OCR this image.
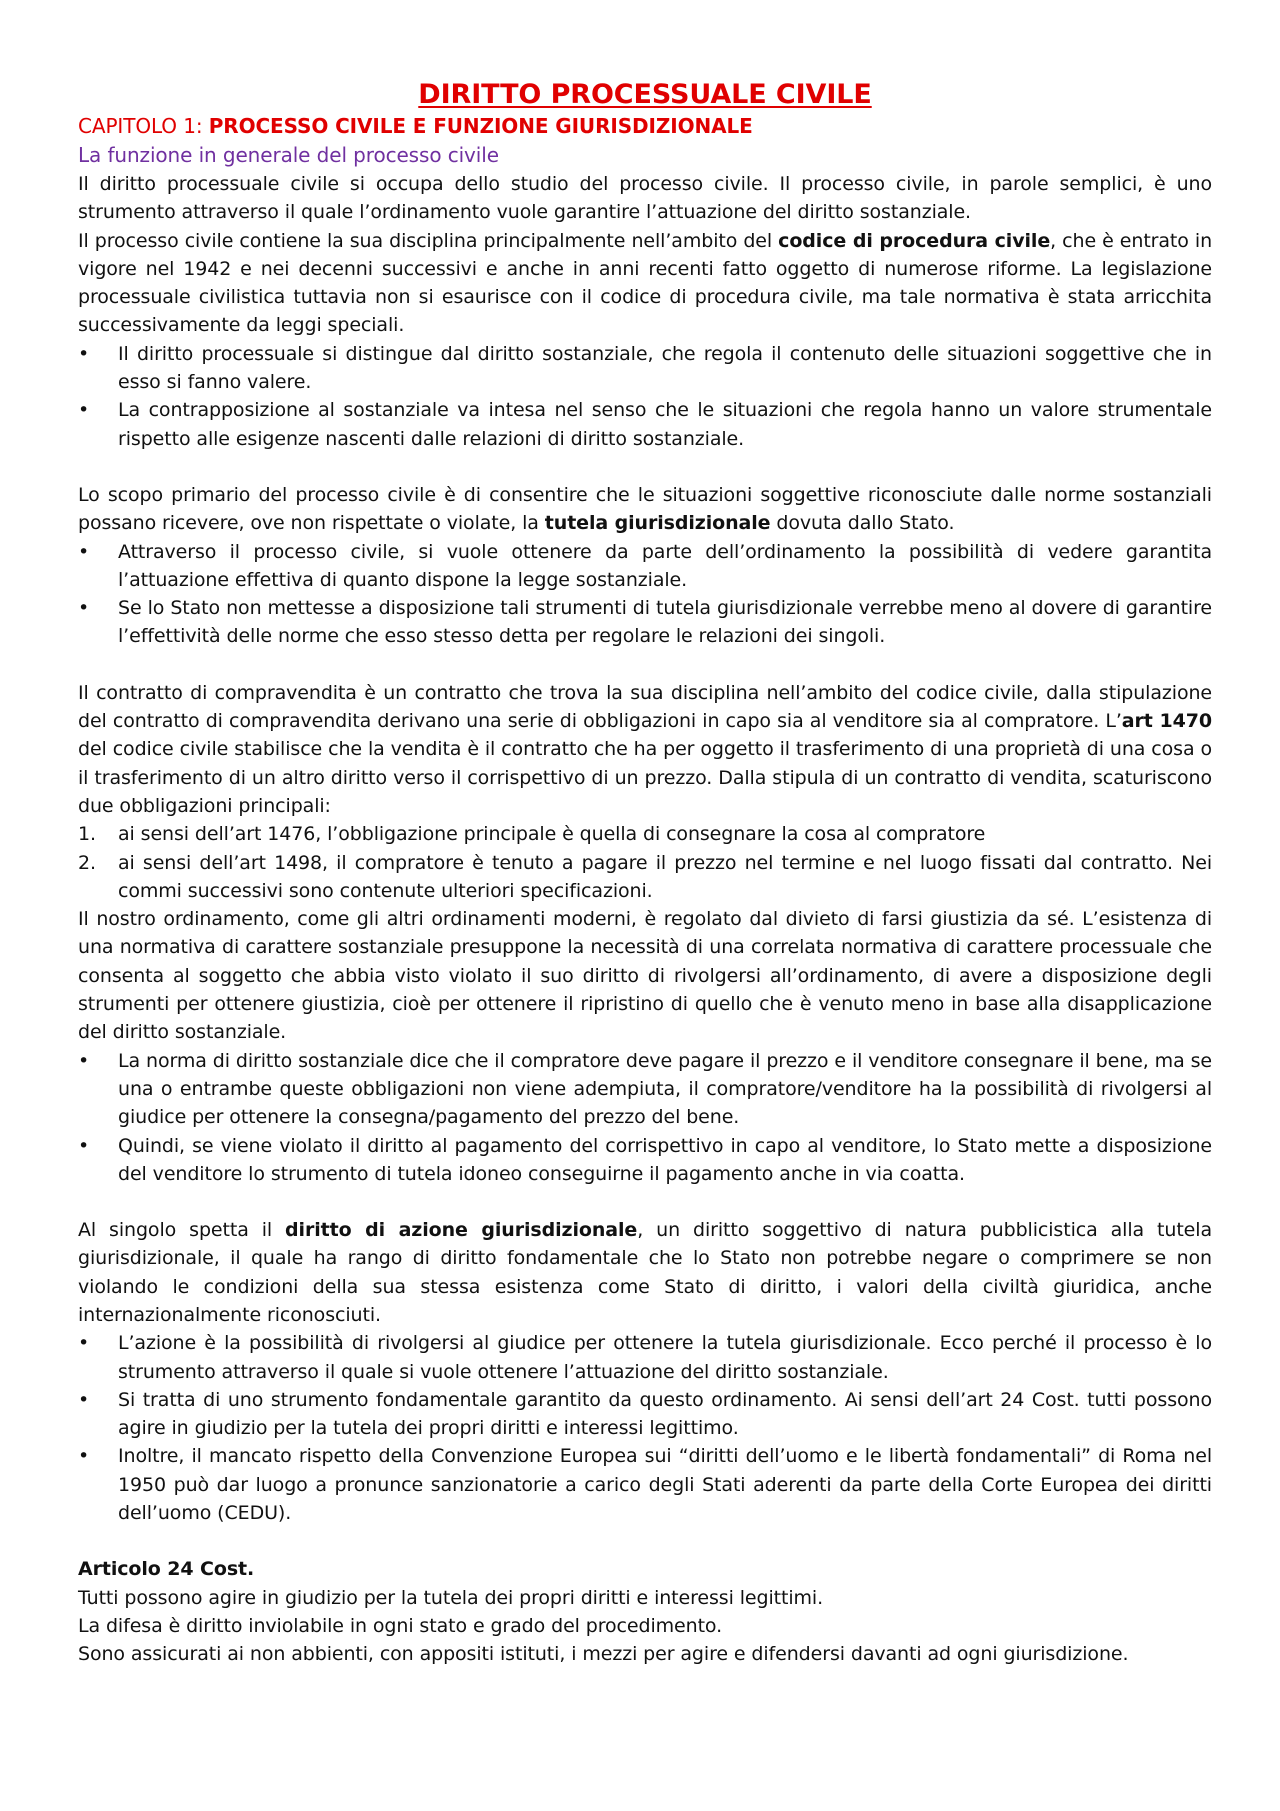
DIRITTO PROCESSUALE CIVILE

CAPITOLO 1: PROCESSO CIVILE E FUNZIONE GIURISDIZIONALE

La funzione in generale del processo civile

Il diritto processuale civile si occupa dello studio del processo civile. Il processo civile, in parole semplici, è uno strumento attraverso il quale l’ordinamento vuole garantire l’attuazione del diritto sostanziale.

Il processo civile contiene la sua disciplina principalmente nell’ambito del codice di procedura civile, che è entrato in vigore nel 1942 e nei decenni successivi e anche in anni recenti fatto oggetto di numerose riforme. La legislazione processuale civilistica tuttavia non si esaurisce con il codice di procedura civile, ma tale normativa è stata arricchita successivamente da leggi speciali.

•	Il diritto processuale si distingue dal diritto sostanziale, che regola il contenuto delle situazioni soggettive che in esso si fanno valere.
•	La contrapposizione al sostanziale va intesa nel senso che le situazioni che regola hanno un valore strumentale rispetto alle esigenze nascenti dalle relazioni di diritto sostanziale.

Lo scopo primario del processo civile è di consentire che le situazioni soggettive riconosciute dalle norme sostanziali possano ricevere, ove non rispettate o violate, la tutela giurisdizionale dovuta dallo Stato.

•	Attraverso il processo civile, si vuole ottenere da parte dell’ordinamento la possibilità di vedere garantita l’attuazione effettiva di quanto dispone la legge sostanziale.
•	Se lo Stato non mettesse a disposizione tali strumenti di tutela giurisdizionale verrebbe meno al dovere di garantire l’effettività delle norme che esso stesso detta per regolare le relazioni dei singoli.

Il contratto di compravendita è un contratto che trova la sua disciplina nell’ambito del codice civile, dalla stipulazione del contratto di compravendita derivano una serie di obbligazioni in capo sia al venditore sia al compratore. L’art 1470 del codice civile stabilisce che la vendita è il contratto che ha per oggetto il trasferimento di una proprietà di una cosa o il trasferimento di un altro diritto verso il corrispettivo di un prezzo. Dalla stipula di un contratto di vendita, scaturiscono due obbligazioni principali:

1.	ai sensi dell’art 1476, l’obbligazione principale è quella di consegnare la cosa al compratore
2.	ai sensi dell’art 1498, il compratore è tenuto a pagare il prezzo nel termine e nel luogo fissati dal contratto. Nei commi successivi sono contenute ulteriori specificazioni.

Il nostro ordinamento, come gli altri ordinamenti moderni, è regolato dal divieto di farsi giustizia da sé. L’esistenza di una normativa di carattere sostanziale presuppone la necessità di una correlata normativa di carattere processuale che consenta al soggetto che abbia visto violato il suo diritto di rivolgersi all’ordinamento, di avere a disposizione degli strumenti per ottenere giustizia, cioè per ottenere il ripristino di quello che è venuto meno in base alla disapplicazione del diritto sostanziale.

•	La norma di diritto sostanziale dice che il compratore deve pagare il prezzo e il venditore consegnare il bene, ma se una o entrambe queste obbligazioni non viene adempiuta, il compratore/venditore ha la possibilità di rivolgersi al giudice per ottenere la consegna/pagamento del prezzo del bene.
•	Quindi, se viene violato il diritto al pagamento del corrispettivo in capo al venditore, lo Stato mette a disposizione del venditore lo strumento di tutela idoneo conseguirne il pagamento anche in via coatta.

Al singolo spetta il diritto di azione giurisdizionale, un diritto soggettivo di natura pubblicistica alla tutela giurisdizionale, il quale ha rango di diritto fondamentale che lo Stato non potrebbe negare o comprimere se non violando le condizioni della sua stessa esistenza come Stato di diritto, i valori della civiltà giuridica, anche internazionalmente riconosciuti.

•	L’azione è la possibilità di rivolgersi al giudice per ottenere la tutela giurisdizionale. Ecco perché il processo è lo strumento attraverso il quale si vuole ottenere l’attuazione del diritto sostanziale.
•	Si tratta di uno strumento fondamentale garantito da questo ordinamento. Ai sensi dell’art 24 Cost. tutti possono agire in giudizio per la tutela dei propri diritti e interessi legittimo.
•	Inoltre, il mancato rispetto della Convenzione Europea sui “diritti dell’uomo e le libertà fondamentali” di Roma nel 1950 può dar luogo a pronunce sanzionatorie a carico degli Stati aderenti da parte della Corte Europea dei diritti dell’uomo (CEDU).

Articolo 24 Cost.

Tutti possono agire in giudizio per la tutela dei propri diritti e interessi legittimi.

La difesa è diritto inviolabile in ogni stato e grado del procedimento.

Sono assicurati ai non abbienti, con appositi istituti, i mezzi per agire e difendersi davanti ad ogni giurisdizione.
